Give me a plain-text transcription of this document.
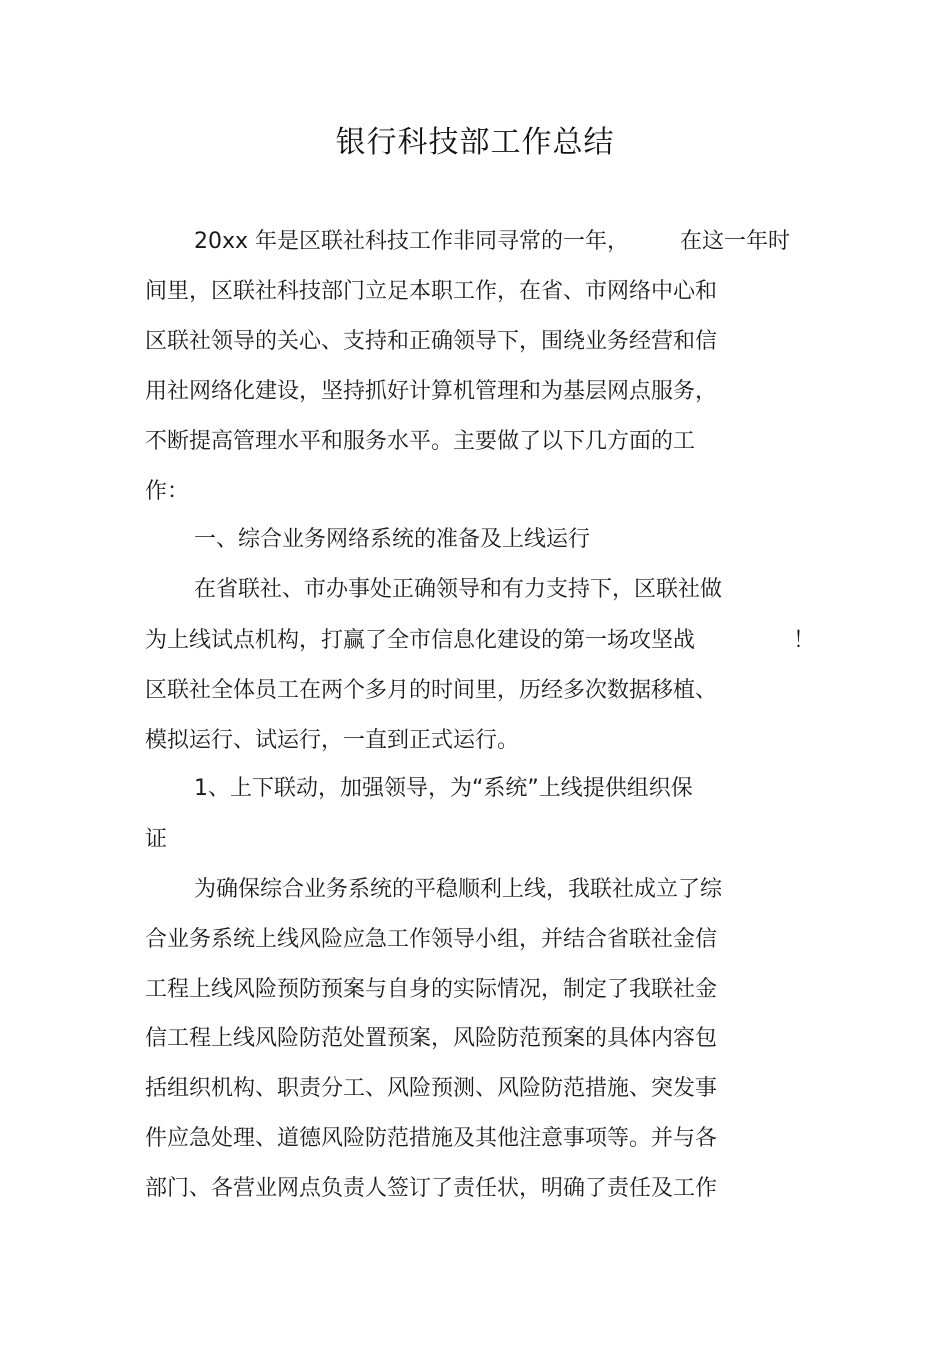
银行科技部工作总结
20xx 年是区联社科技工作非同寻常的一年， 在这一年时
间里，区联社科技部门立足本职工作，在省、市网络中心和
区联社领导的关心、支持和正确领导下，围绕业务经营和信
用社网络化建设，坚持抓好计算机管理和为基层网点服务，
不断提高管理水平和服务水平。主要做了以下几方面的工
作：
一、综合业务网络系统的准备及上线运行
在省联社、市办事处正确领导和有力支持下，区联社做
为上线试点机构，打赢了全市信息化建设的第一场攻坚战	！
区联社全体员工在两个多月的时间里，历经多次数据移植、
模拟运行、试运行，一直到正式运行。
1、上下联动，加强领导，为“系统”上线提供组织保
证
为确保综合业务系统的平稳顺利上线，我联社成立了综
合业务系统上线风险应急工作领导小组，并结合省联社金信
工程上线风险预防预案与自身的实际情况，制定了我联社金
信工程上线风险防范处置预案，风险防范预案的具体内容包
括组织机构、职责分工、风险预测、风险防范措施、突发事
件应急处理、道德风险防范措施及其他注意事项等。并与各
部门、各营业网点负责人签订了责任状，明确了责任及工作
